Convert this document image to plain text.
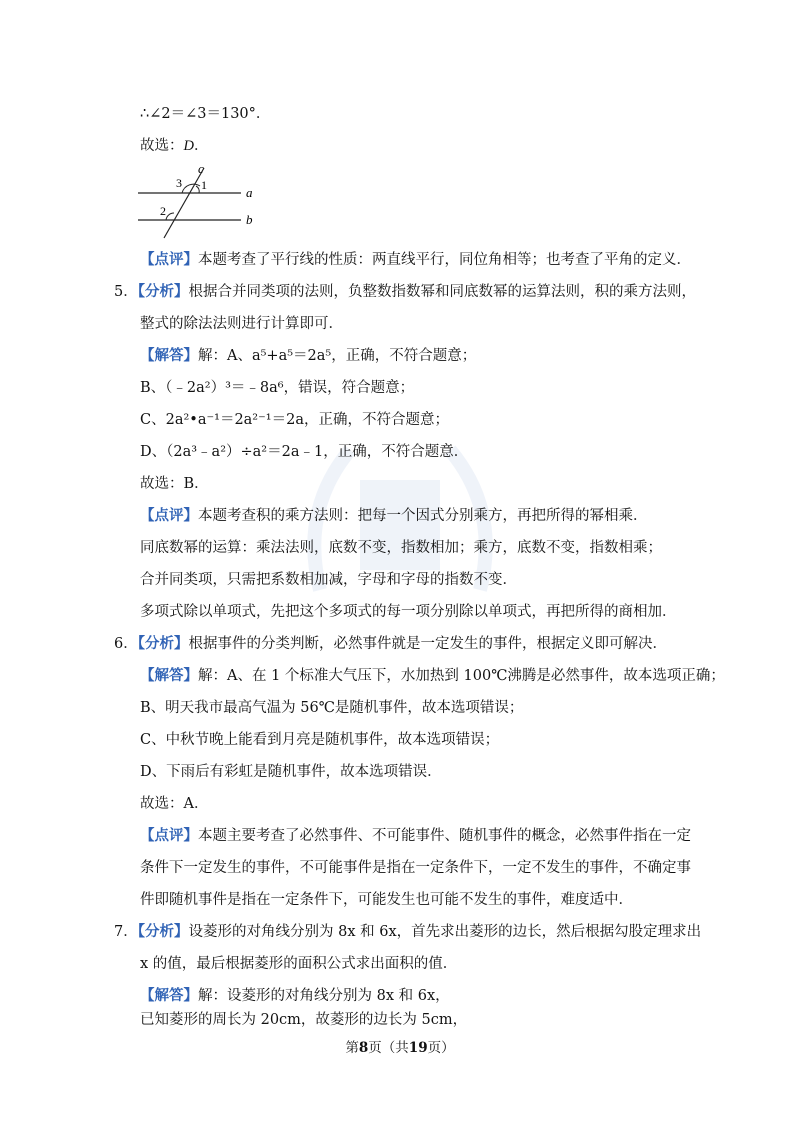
∴∠2＝∠3＝130°．
故选：D．
c
a
b
1
2
3
【点评】本题考查了平行线的性质：两直线平行，同位角相等；也考查了平角的定义．
5．【分析】根据合并同类项的法则，负整数指数幂和同底数幂的运算法则，积的乘方法则，
整式的除法法则进行计算即可．
【解答】解：A、a⁵+a⁵＝2a⁵，正确，不符合题意；
B、（﹣2a²）³＝﹣8a⁶，错误，符合题意；
C、2a²•a⁻¹＝2a²⁻¹＝2a，正确，不符合题意；
D、（2a³﹣a²）÷a²＝2a﹣1，正确，不符合题意．
故选：B．
【点评】本题考查积的乘方法则：把每一个因式分别乘方，再把所得的幂相乘．
同底数幂的运算：乘法法则，底数不变，指数相加；乘方，底数不变，指数相乘；
合并同类项，只需把系数相加减，字母和字母的指数不变．
多项式除以单项式，先把这个多项式的每一项分别除以单项式，再把所得的商相加．
6．【分析】根据事件的分类判断，必然事件就是一定发生的事件，根据定义即可解决．
【解答】解：A、在 1 个标准大气压下，水加热到 100℃沸腾是必然事件，故本选项正确；
B、明天我市最高气温为 56℃是随机事件，故本选项错误；
C、中秋节晚上能看到月亮是随机事件，故本选项错误；
D、下雨后有彩虹是随机事件，故本选项错误．
故选：A．
【点评】本题主要考查了必然事件、不可能事件、随机事件的概念，必然事件指在一定
条件下一定发生的事件，不可能事件是指在一定条件下，一定不发生的事件，不确定事
件即随机事件是指在一定条件下，可能发生也可能不发生的事件，难度适中．
7．【分析】设菱形的对角线分别为 8x 和 6x，首先求出菱形的边长，然后根据勾股定理求出
x 的值，最后根据菱形的面积公式求出面积的值．
【解答】解：设菱形的对角线分别为 8x 和 6x，
已知菱形的周长为 20cm，故菱形的边长为 5cm，
第8页（共19页）
